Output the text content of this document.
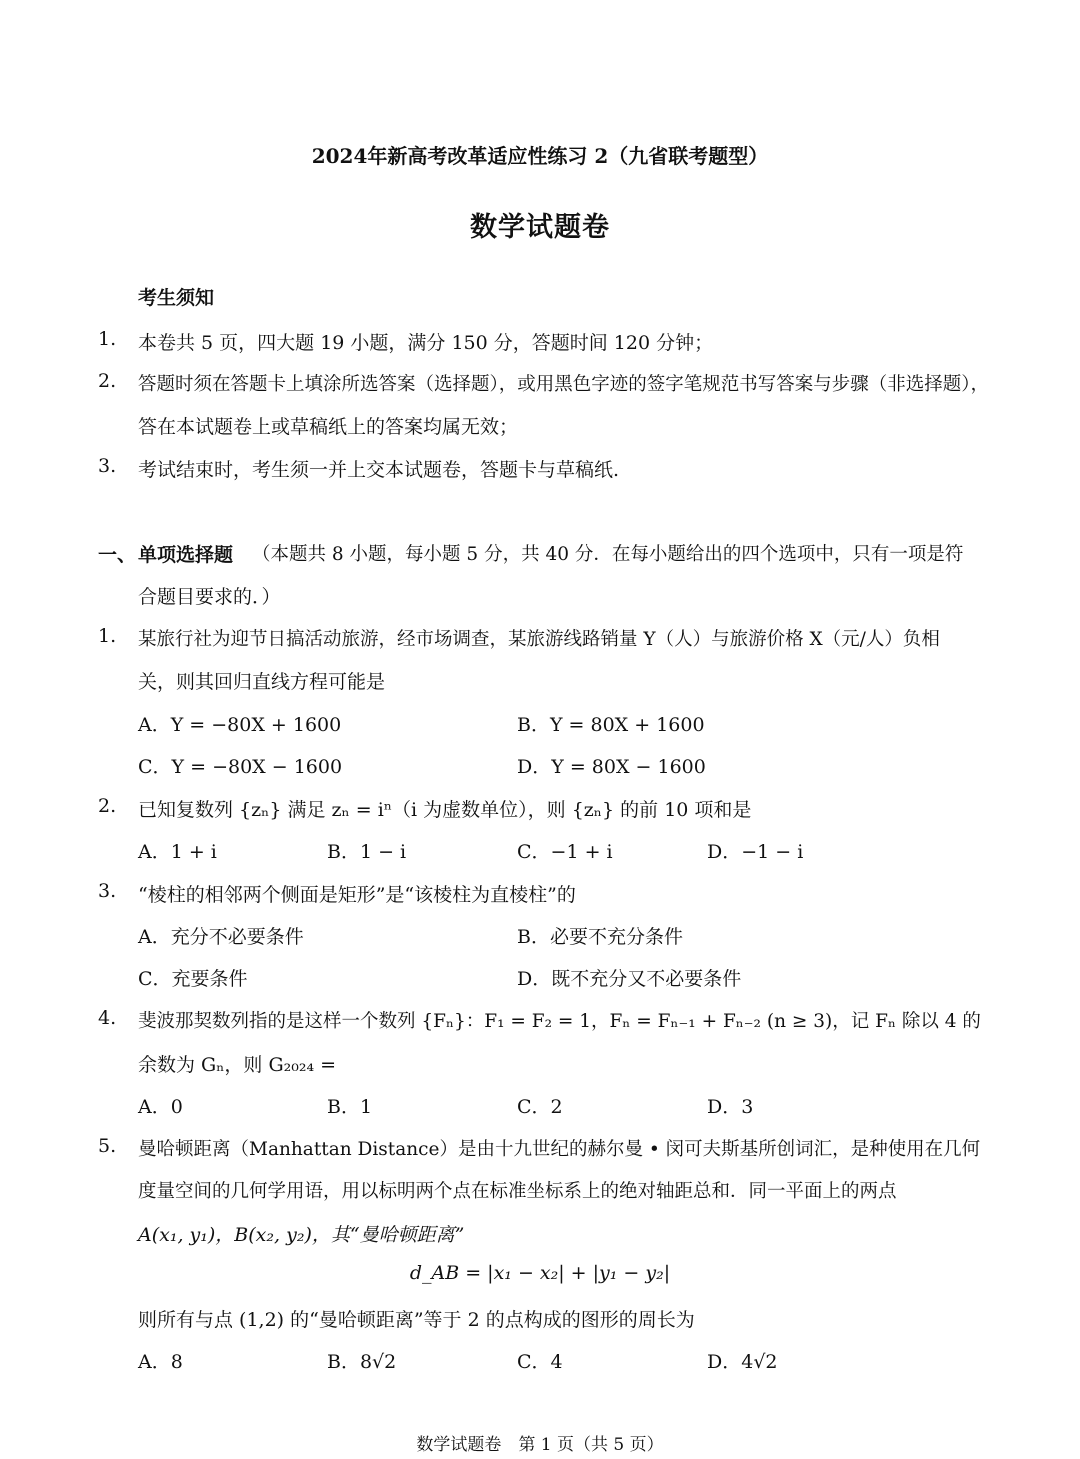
2024年新高考改革适应性练习 2（九省联考题型）
数学试题卷
考生须知
1. 本卷共 5 页，四大题 19 小题，满分 150 分，答题时间 120 分钟；
2. 答题时须在答题卡上填涂所选答案（选择题），或用黑色字迹的签字笔规范书写答案与步骤（非选择题），
答在本试题卷上或草稿纸上的答案均属无效；
3. 考试结束时，考生须一并上交本试题卷，答题卡与草稿纸.
一、 单项选择题 （本题共 8 小题，每小题 5 分，共 40 分．在每小题给出的四个选项中，只有一项是符
合题目要求的．）
1. 某旅行社为迎节日搞活动旅游，经市场调查，某旅游线路销量 Y（人）与旅游价格 X（元/人）负相
关，则其回归直线方程可能是
A．Y = −80X + 1600	B．Y = 80X + 1600
C．Y = −80X − 1600	D．Y = 80X − 1600
2. 已知复数列 {zₙ} 满足 zₙ = iⁿ（i 为虚数单位），则 {zₙ} 的前 10 项和是
A．1 + i	B．1 − i	C．−1 + i	D．−1 − i
3. “棱柱的相邻两个侧面是矩形”是“该棱柱为直棱柱”的
A．充分不必要条件	B．必要不充分条件
C．充要条件	D．既不充分又不必要条件
4. 斐波那契数列指的是这样一个数列 {Fₙ}：F₁ = F₂ = 1，Fₙ = Fₙ₋₁ + Fₙ₋₂ (n ≥ 3)，记 Fₙ 除以 4 的
余数为 Gₙ，则 G₂₀₂₄ =
A．0	B．1	C．2	D．3
5. 曼哈顿距离（Manhattan Distance）是由十九世纪的赫尔曼 • 闵可夫斯基所创词汇，是种使用在几何
度量空间的几何学用语，用以标明两个点在标准坐标系上的绝对轴距总和．同一平面上的两点
A(x₁, y₁)，B(x₂, y₂)，其“曼哈顿距离”
d_AB = |x₁ − x₂| + |y₁ − y₂|
则所有与点 (1,2) 的“曼哈顿距离”等于 2 的点构成的图形的周长为
A．8	B．8√2	C．4	D．4√2
数学试题卷　第 1 页（共 5 页）
